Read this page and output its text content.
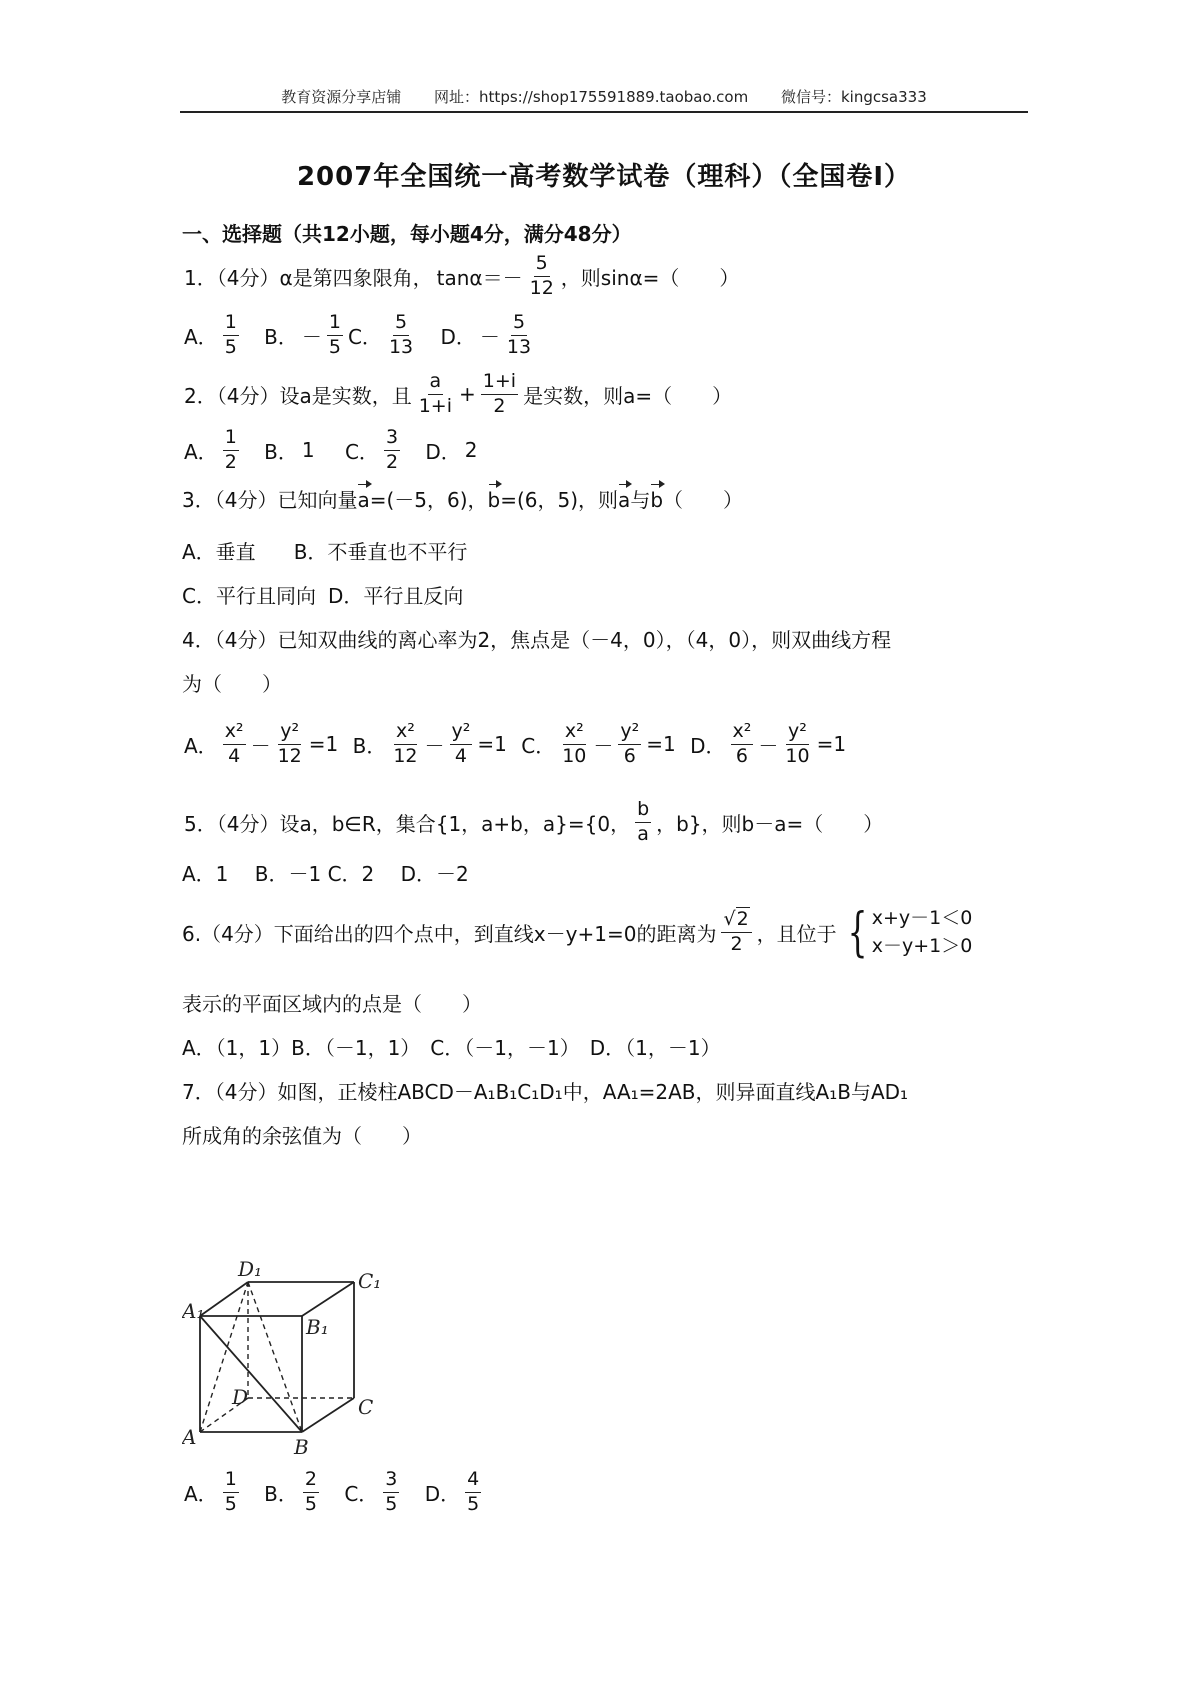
教育资源分享店铺 网址：https://shop175591889.taobao.com 微信号：kingcsa333
2007年全国统一高考数学试卷（理科）（全国卷Ⅰ）
一、选择题（共12小题，每小题4分，满分48分）
1．（4分）α是第四象限角， $\tan\alpha=- \frac{5}{12}$ ，则sinα=（　　）
A． $\frac{1}{5}$ B． － $\frac{1}{5}$ C． $\frac{5}{13}$ D． － $\frac{5}{13}$
2．（4分）设a是实数，且 $\frac{a}{1+i} + \frac{1+i}{2}$ 是实数，则a=（　　）
A． $\frac{1}{2}$ B． 1 C． $\frac{3}{2}$ D． 2
3．（4分）已知向量a=(－5，6)，b=(6，5)，则a与b（　　）
A．垂直 B．不垂直也不平行
C．平行且同向 D．平行且反向
4．（4分）已知双曲线的离心率为2，焦点是（－4，0），（4，0），则双曲线方程
为（　　）
A． $\frac{\text{x²}}{4} - \frac{\text{y²}}{12} =1$ B． $\frac{\text{x²}}{12} - \frac{\text{y²}}{4} =1$ C． $\frac{\text{x²}}{10} - \frac{\text{y²}}{6} =1$ D． $\frac{\text{x²}}{6} - \frac{\text{y²}}{10} =1$
5．（4分）设a，b∈R，集合{1，a+b，a}={0， $\frac{b}{a}$ ，b}，则b－a=（　　）
A．1　 B．－1 C．2　 D．－2
6.（4分）下面给出的四个点中，到直线x－y+1=0的距离为 $\frac{√2}{2}$ ，且位于 { x+y－1＜0
x－y+1＞0
表示的平面区域内的点是（　　）
A．（1，1）B．（－1，1）　C．（－1，－1）　D．（1，－1）
7．（4分）如图，正棱柱ABCD－A₁B₁C₁D₁中，AA₁=2AB，则异面直线A₁B与AD₁
所成角的余弦值为（　　）
D₁	C₁
A₁
B₁
D	C
A	B
A． $\frac{1}{5}$ B． $\frac{2}{5}$ C． $\frac{3}{5}$ D． $\frac{4}{5}$
